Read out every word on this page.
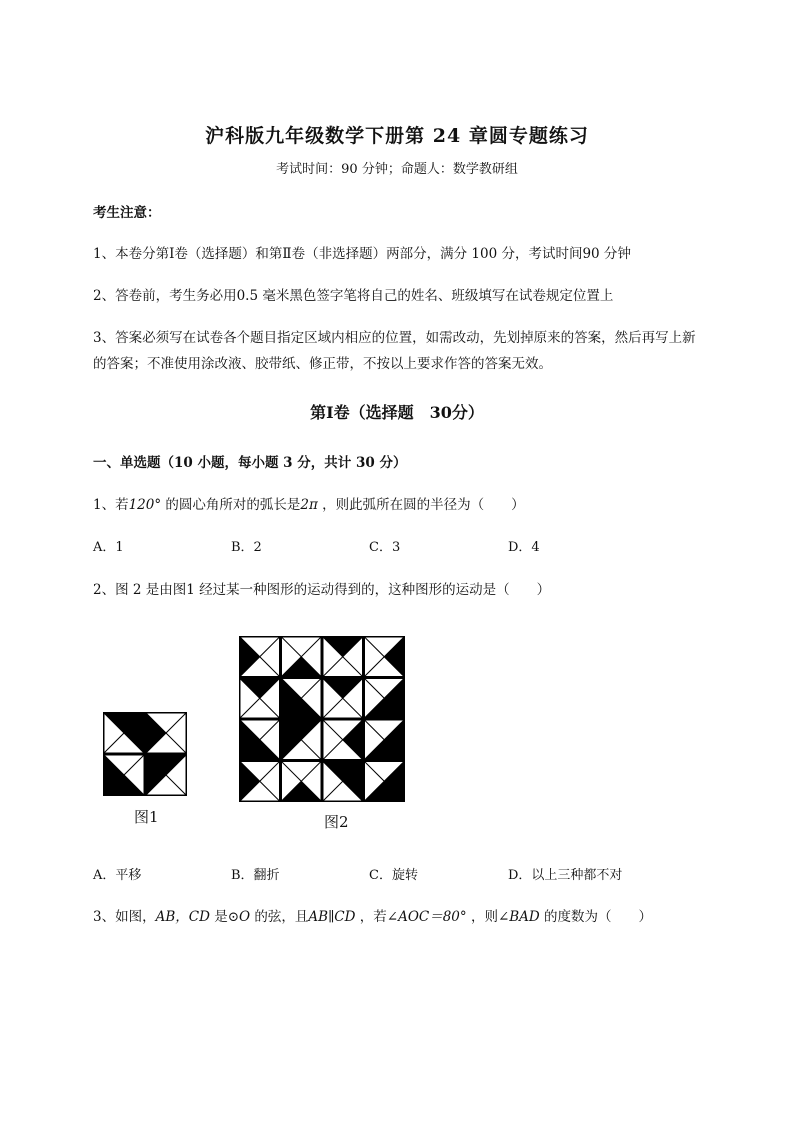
沪科版九年级数学下册第 24 章圆专题练习
考试时间：90 分钟；命题人：数学教研组
考生注意：
1、本卷分第Ⅰ卷（选择题）和第Ⅱ卷（非选择题）两部分，满分 100 分，考试时间90 分钟
2、答卷前，考生务必用0.5 毫米黑色签字笔将自己的姓名、班级填写在试卷规定位置上
3、答案必须写在试卷各个题目指定区域内相应的位置，如需改动，先划掉原来的答案，然后再写上新
的答案；不准使用涂改液、胶带纸、修正带，不按以上要求作答的答案无效。
第Ⅰ卷（选择题　30分）
一、单选题（10 小题，每小题 3 分，共计 30 分）
1、若120° 的圆心角所对的弧长是2π ，则此弧所在圆的半径为（　　）
A．1	B．2	C．3	D．4
2、图 2 是由图1 经过某一种图形的运动得到的，这种图形的运动是（　　）
图1	图2
A．平移	B．翻折	C．旋转	D．以上三种都不对
3、如图，AB，CD 是⊙O 的弦，且AB∥CD ，若∠AOC＝80° ，则∠BAD 的度数为（　　）
